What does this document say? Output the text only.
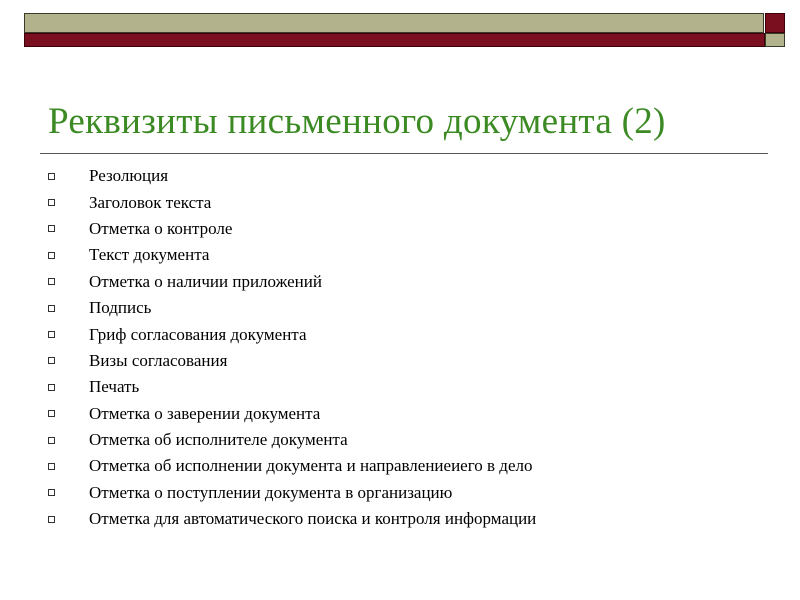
Реквизиты письменного документа (2)
Резолюция
Заголовок текста
Отметка о контроле
Текст документа
Отметка о наличии приложений
Подпись
Гриф согласования документа
Визы согласования
Печать
Отметка о заверении документа
Отметка об исполнителе документа
Отметка об исполнении документа и направлениеиего в дело
Отметка о поступлении документа в организацию
Отметка для автоматического поиска и контроля информации
